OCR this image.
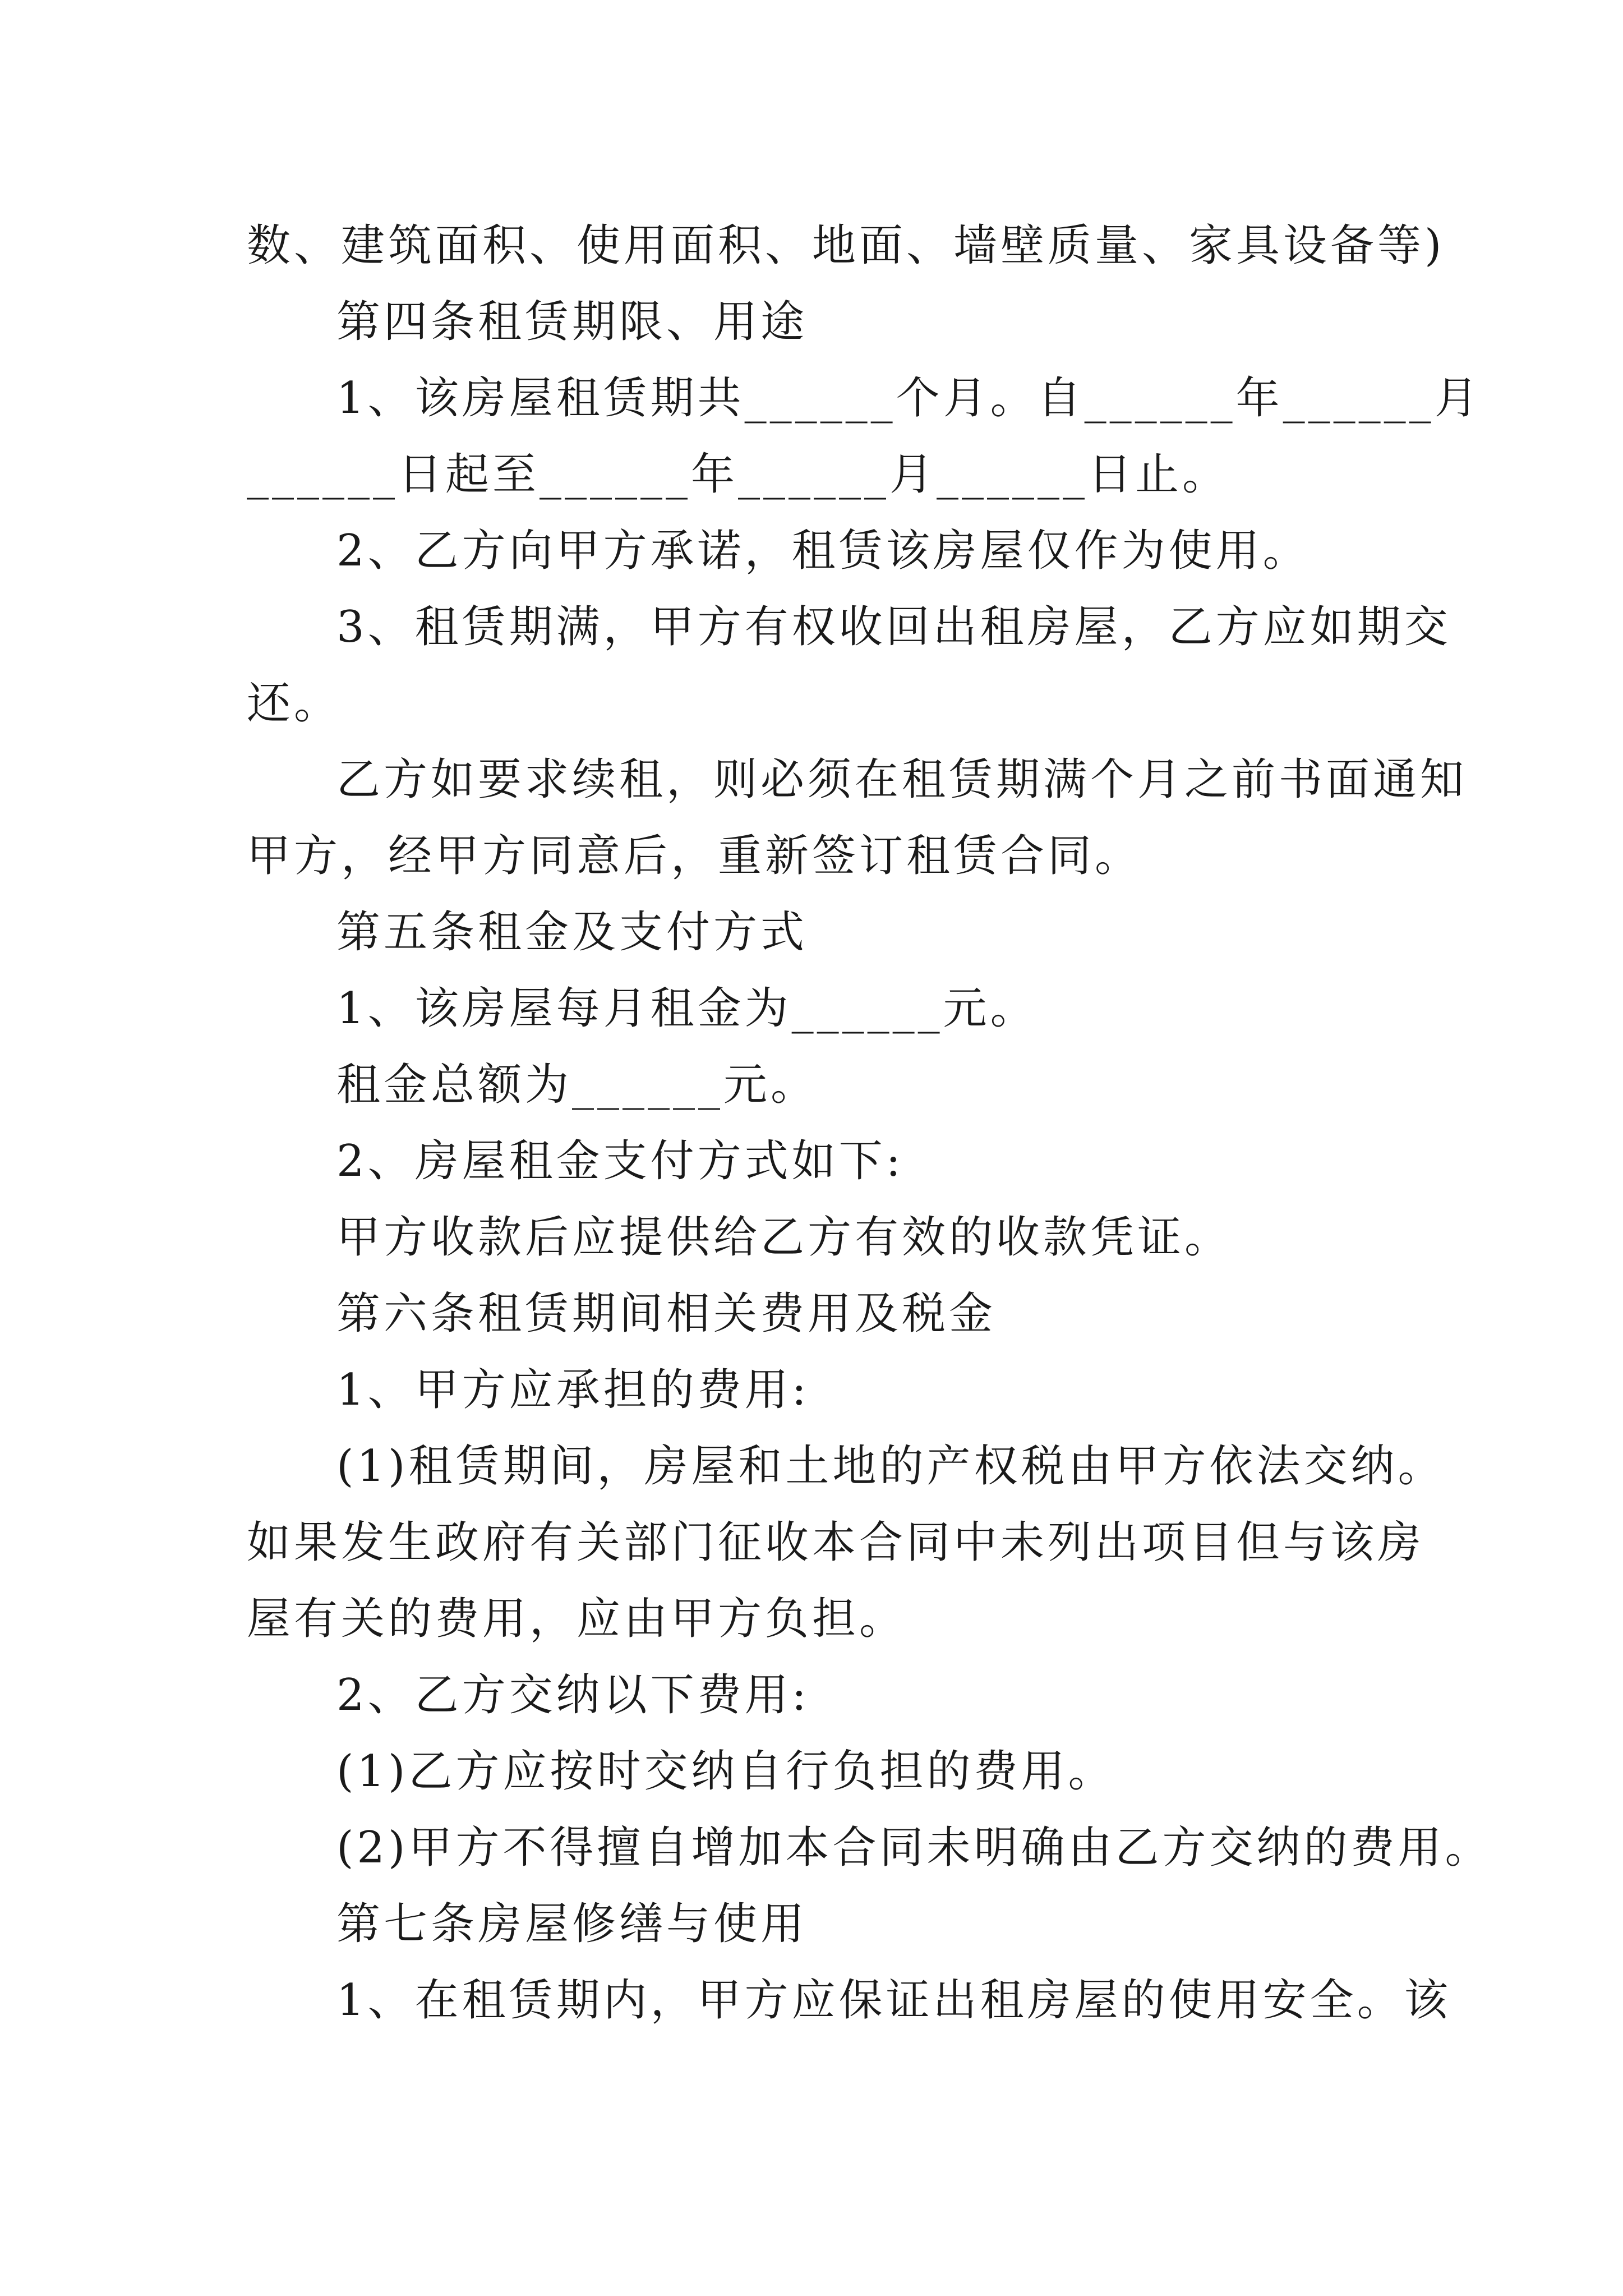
数、建筑面积、使用面积、地面、墙壁质量、家具设备等)
第四条租赁期限、用途
1、该房屋租赁期共______个月。自______年______月
______日起至______年______月______日止。
2、乙方向甲方承诺，租赁该房屋仅作为使用。
3、租赁期满，甲方有权收回出租房屋，乙方应如期交
还。
乙方如要求续租，则必须在租赁期满个月之前书面通知
甲方，经甲方同意后，重新签订租赁合同。
第五条租金及支付方式
1、该房屋每月租金为______元。
租金总额为______元。
2、房屋租金支付方式如下:
甲方收款后应提供给乙方有效的收款凭证。
第六条租赁期间相关费用及税金
1、甲方应承担的费用:
(1)租赁期间，房屋和土地的产权税由甲方依法交纳。
如果发生政府有关部门征收本合同中未列出项目但与该房
屋有关的费用，应由甲方负担。
2、乙方交纳以下费用:
(1)乙方应按时交纳自行负担的费用。
(2)甲方不得擅自增加本合同未明确由乙方交纳的费用。
第七条房屋修缮与使用
1、在租赁期内，甲方应保证出租房屋的使用安全。该
